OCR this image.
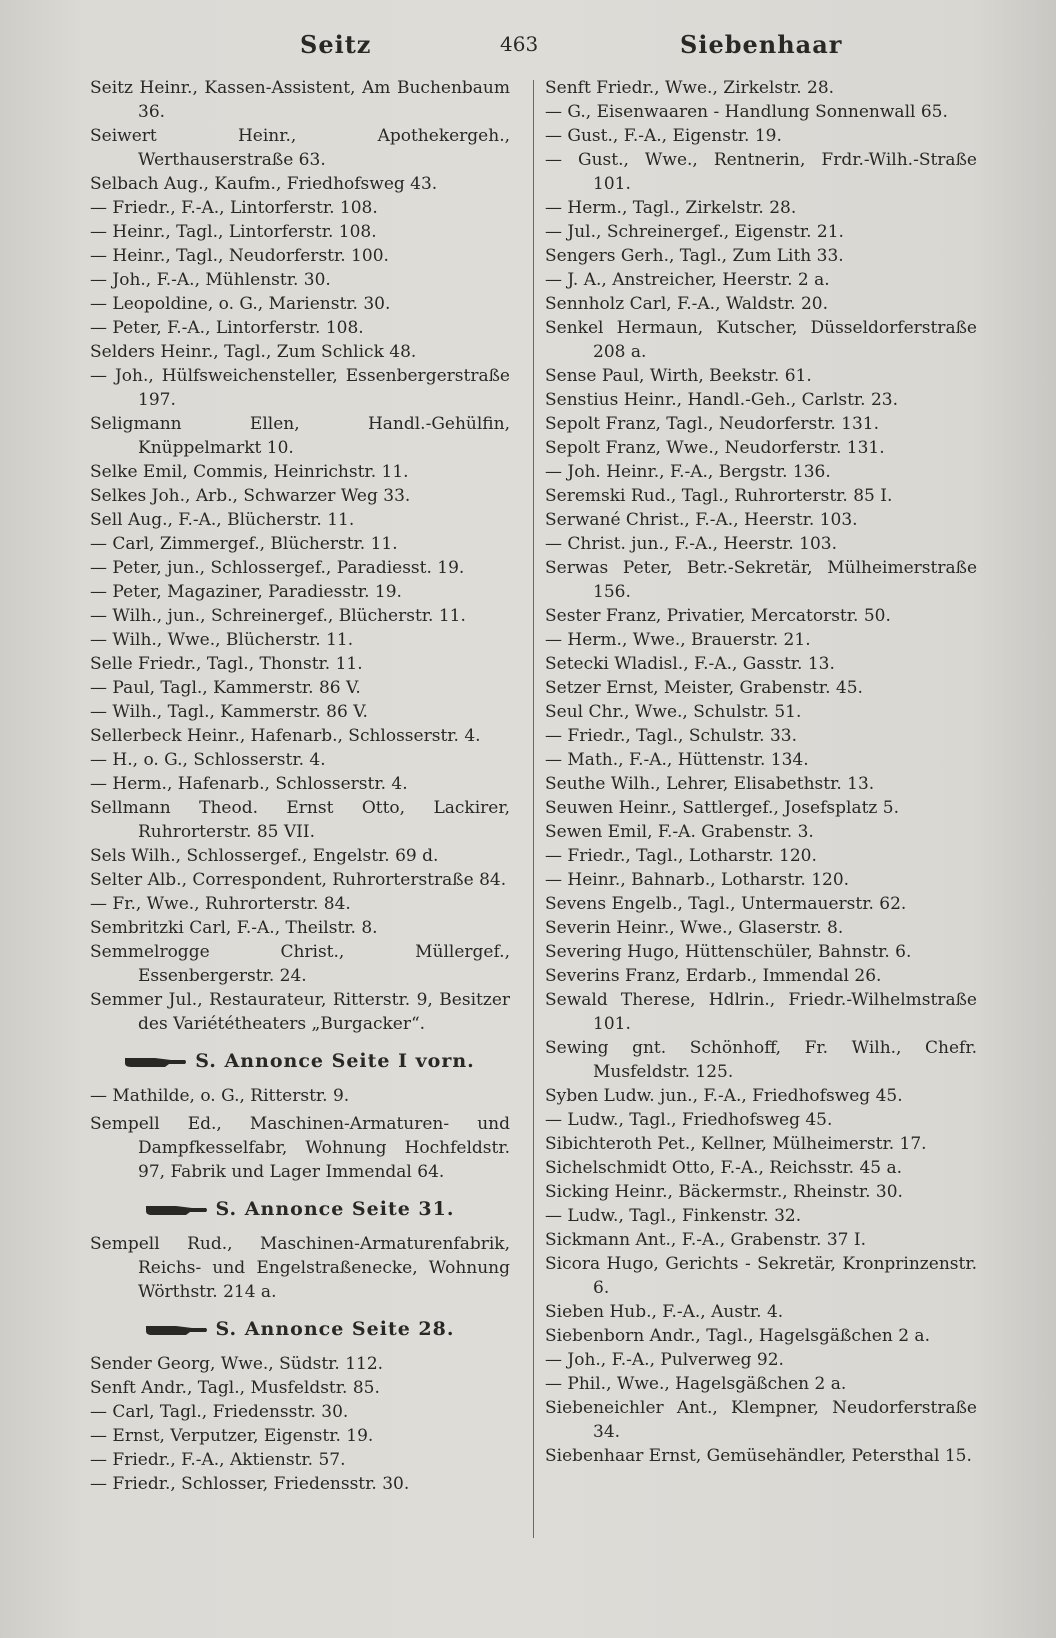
Seitz	463	Siebenhaar
Seitz Heinr., Kassen-Assistent, Am Buchenbaum 36.
Seiwert Heinr., Apothekergeh., Werthauserstraße 63.
Selbach Aug., Kaufm., Friedhofsweg 43.
— Friedr., F.-A., Lintorferstr. 108.
— Heinr., Tagl., Lintorferstr. 108.
— Heinr., Tagl., Neudorferstr. 100.
— Joh., F.-A., Mühlenstr. 30.
— Leopoldine, o. G., Marienstr. 30.
— Peter, F.-A., Lintorferstr. 108.
Selders Heinr., Tagl., Zum Schlick 48.
— Joh., Hülfsweichensteller, Essenbergerstraße 197.
Seligmann Ellen, Handl.-Gehülfin, Knüppelmarkt 10.
Selke Emil, Commis, Heinrichstr. 11.
Selkes Joh., Arb., Schwarzer Weg 33.
Sell Aug., F.-A., Blücherstr. 11.
— Carl, Zimmergef., Blücherstr. 11.
— Peter, jun., Schlossergef., Paradiesst. 19.
— Peter, Magaziner, Paradiesstr. 19.
— Wilh., jun., Schreinergef., Blücherstr. 11.
— Wilh., Wwe., Blücherstr. 11.
Selle Friedr., Tagl., Thonstr. 11.
— Paul, Tagl., Kammerstr. 86 V.
— Wilh., Tagl., Kammerstr. 86 V.
Sellerbeck Heinr., Hafenarb., Schlosserstr. 4.
— H., o. G., Schlosserstr. 4.
— Herm., Hafenarb., Schlosserstr. 4.
Sellmann Theod. Ernst Otto, Lackirer, Ruhrorterstr. 85 VII.
Sels Wilh., Schlossergef., Engelstr. 69 d.
Selter Alb., Correspondent, Ruhrorterstraße 84.
— Fr., Wwe., Ruhrorterstr. 84.
Sembritzki Carl, F.-A., Theilstr. 8.
Semmelrogge Christ., Müllergef., Essenbergerstr. 24.
Semmer Jul., Restaurateur, Ritterstr. 9, Besitzer des Variététheaters „Burgacker“.
S. Annonce Seite I vorn.
— Mathilde, o. G., Ritterstr. 9.
Sempell Ed., Maschinen-Armaturen- und Dampfkesselfabr, Wohnung Hochfeldstr. 97, Fabrik und Lager Immendal 64.
S. Annonce Seite 31.
Sempell Rud., Maschinen-Armaturenfabrik, Reichs- und Engelstraßenecke, Wohnung Wörthstr. 214 a.
S. Annonce Seite 28.
Sender Georg, Wwe., Südstr. 112.
Senft Andr., Tagl., Musfeldstr. 85.
— Carl, Tagl., Friedensstr. 30.
— Ernst, Verputzer, Eigenstr. 19.
— Friedr., F.-A., Aktienstr. 57.
— Friedr., Schlosser, Friedensstr. 30.
Senft Friedr., Wwe., Zirkelstr. 28.
— G., Eisenwaaren - Handlung Sonnenwall 65.
— Gust., F.-A., Eigenstr. 19.
— Gust., Wwe., Rentnerin, Frdr.-Wilh.-Straße 101.
— Herm., Tagl., Zirkelstr. 28.
— Jul., Schreinergef., Eigenstr. 21.
Sengers Gerh., Tagl., Zum Lith 33.
— J. A., Anstreicher, Heerstr. 2 a.
Sennholz Carl, F.-A., Waldstr. 20.
Senkel Hermaun, Kutscher, Düsseldorferstraße 208 a.
Sense Paul, Wirth, Beekstr. 61.
Senstius Heinr., Handl.-Geh., Carlstr. 23.
Sepolt Franz, Tagl., Neudorferstr. 131.
Sepolt Franz, Wwe., Neudorferstr. 131.
— Joh. Heinr., F.-A., Bergstr. 136.
Seremski Rud., Tagl., Ruhrorterstr. 85 I.
Serwané Christ., F.-A., Heerstr. 103.
— Christ. jun., F.-A., Heerstr. 103.
Serwas Peter, Betr.-Sekretär, Mülheimerstraße 156.
Sester Franz, Privatier, Mercatorstr. 50.
— Herm., Wwe., Brauerstr. 21.
Setecki Wladisl., F.-A., Gasstr. 13.
Setzer Ernst, Meister, Grabenstr. 45.
Seul Chr., Wwe., Schulstr. 51.
— Friedr., Tagl., Schulstr. 33.
— Math., F.-A., Hüttenstr. 134.
Seuthe Wilh., Lehrer, Elisabethstr. 13.
Seuwen Heinr., Sattlergef., Josefsplatz 5.
Sewen Emil, F.-A. Grabenstr. 3.
— Friedr., Tagl., Lotharstr. 120.
— Heinr., Bahnarb., Lotharstr. 120.
Sevens Engelb., Tagl., Untermauerstr. 62.
Severin Heinr., Wwe., Glaserstr. 8.
Severing Hugo, Hüttenschüler, Bahnstr. 6.
Severins Franz, Erdarb., Immendal 26.
Sewald Therese, Hdlrin., Friedr.-Wilhelmstraße 101.
Sewing gnt. Schönhoff, Fr. Wilh., Chefr. Musfeldstr. 125.
Syben Ludw. jun., F.-A., Friedhofsweg 45.
— Ludw., Tagl., Friedhofsweg 45.
Sibichteroth Pet., Kellner, Mülheimerstr. 17.
Sichelschmidt Otto, F.-A., Reichsstr. 45 a.
Sicking Heinr., Bäckermstr., Rheinstr. 30.
— Ludw., Tagl., Finkenstr. 32.
Sickmann Ant., F.-A., Grabenstr. 37 I.
Sicora Hugo, Gerichts - Sekretär, Kronprinzenstr. 6.
Sieben Hub., F.-A., Austr. 4.
Siebenborn Andr., Tagl., Hagelsgäßchen 2 a.
— Joh., F.-A., Pulverweg 92.
— Phil., Wwe., Hagelsgäßchen 2 a.
Siebeneichler Ant., Klempner, Neudorferstraße 34.
Siebenhaar Ernst, Gemüsehändler, Petersthal 15.
